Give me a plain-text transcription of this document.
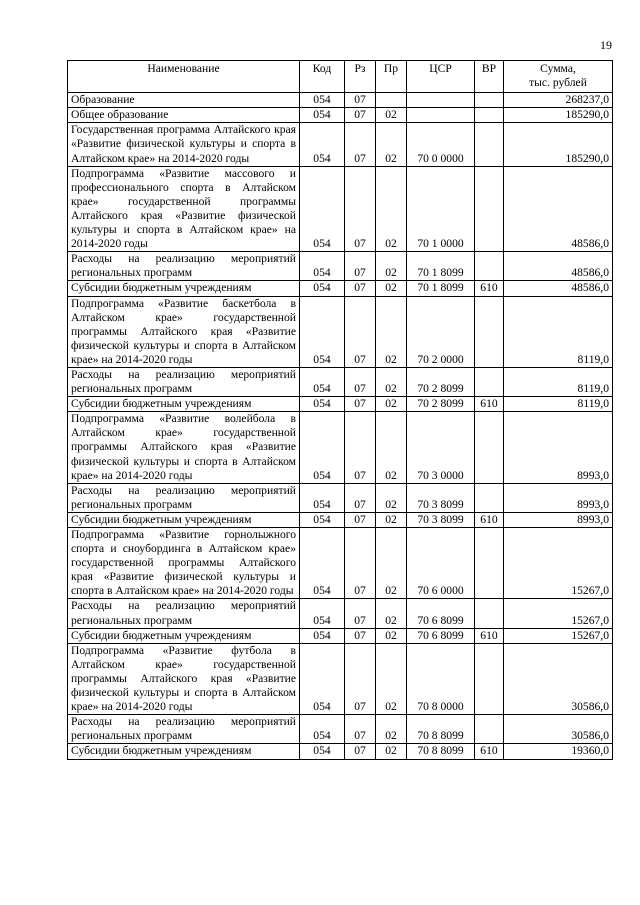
19
Наименование	Код	Рз	Пр	ЦСР	ВР	Сумма,
тыс. рублей

Образование	054	07				268237,0
Общее образование	054	07	02			185290,0
Государственная программа Алтайского края «Развитие физической культуры и спорта в Алтайском крае» на 2014-2020 годы	054	07	02	70 0 0000		185290,0
Подпрограмма «Развитие массового и профессионального спорта в Алтайском крае» государственной программы Алтайского края «Развитие физической культуры и спорта в Алтайском крае» на 2014-2020 годы	054	07	02	70 1 0000		48586,0
Расходы на реализацию мероприятий региональных программ	054	07	02	70 1 8099		48586,0
Субсидии бюджетным учреждениям	054	07	02	70 1 8099	610	48586,0
Подпрограмма «Развитие баскетбола в Алтайском крае» государственной программы Алтайского края «Развитие физической культуры и спорта в Алтайском крае» на 2014-2020 годы	054	07	02	70 2 0000		8119,0
Расходы на реализацию мероприятий региональных программ	054	07	02	70 2 8099		8119,0
Субсидии бюджетным учреждениям	054	07	02	70 2 8099	610	8119,0
Подпрограмма «Развитие волейбола в Алтайском крае» государственной программы Алтайского края «Развитие физической культуры и спорта в Алтайском крае» на 2014-2020 годы	054	07	02	70 3 0000		8993,0
Расходы на реализацию мероприятий региональных программ	054	07	02	70 3 8099		8993,0
Субсидии бюджетным учреждениям	054	07	02	70 3 8099	610	8993,0
Подпрограмма «Развитие горнолыжного спорта и сноубординга в Алтайском крае» государственной программы Алтайского края «Развитие физической культуры и спорта в Алтайском крае» на 2014-2020 годы	054	07	02	70 6 0000		15267,0
Расходы на реализацию мероприятий региональных программ	054	07	02	70 6 8099		15267,0
Субсидии бюджетным учреждениям	054	07	02	70 6 8099	610	15267,0
Подпрограмма «Развитие футбола в Алтайском крае» государственной программы Алтайского края «Развитие физической культуры и спорта в Алтайском крае» на 2014-2020 годы	054	07	02	70 8 0000		30586,0
Расходы на реализацию мероприятий региональных программ	054	07	02	70 8 8099		30586,0
Субсидии бюджетным учреждениям	054	07	02	70 8 8099	610	19360,0
